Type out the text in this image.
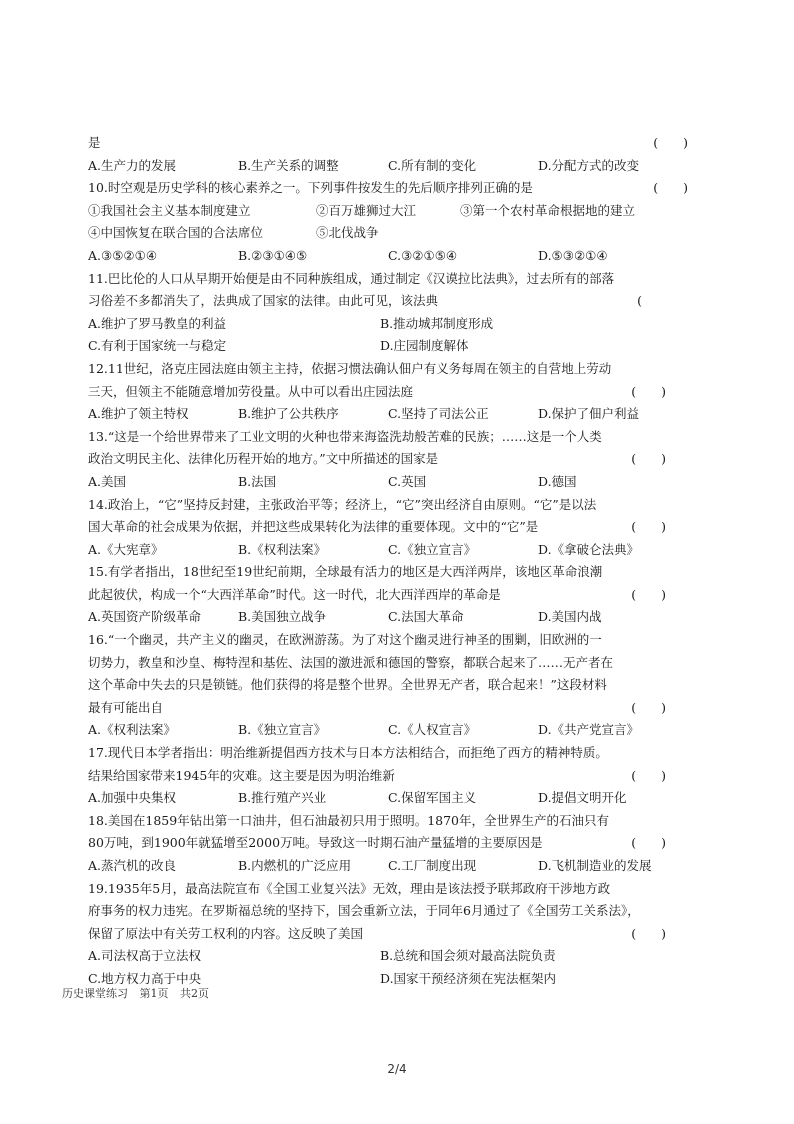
是	(　　)
A.生产力的发展	B.生产关系的调整	C.所有制的变化	D.分配方式的改变
10.时空观是历史学科的核心素养之一。下列事件按发生的先后顺序排列正确的是	(　　)
①我国社会主义基本制度建立	②百万雄狮过大江	③第一个农村革命根据地的建立
④中国恢复在联合国的合法席位	⑤北伐战争
A.③⑤②①④	B.②③①④⑤	C.③②①⑤④	D.⑤③②①④
11.巴比伦的人口从早期开始便是由不同种族组成，通过制定《汉谟拉比法典》，过去所有的部落
习俗差不多都消失了，法典成了国家的法律。由此可见，该法典	(
A.维护了罗马教皇的利益	B.推动城邦制度形成
C.有利于国家统一与稳定	D.庄园制度解体
12.11世纪，洛克庄园法庭由领主主持，依据习惯法确认佃户有义务每周在领主的自营地上劳动
三天，但领主不能随意增加劳役量。从中可以看出庄园法庭	(　　)
A.维护了领主特权	B.维护了公共秩序	C.坚持了司法公正	D.保护了佃户利益
13.“这是一个给世界带来了工业文明的火种也带来海盗洗劫般苦难的民族；……这是一个人类
政治文明民主化、法律化历程开始的地方。”文中所描述的国家是	(　　)
A.美国	B.法国	C.英国	D.德国
14.政治上，“它”坚持反封建，主张政治平等；经济上，“它”突出经济自由原则。“它”是以法
国大革命的社会成果为依据，并把这些成果转化为法律的重要体现。文中的“它”是	(　　)
A.《大宪章》	B.《权利法案》	C.《独立宣言》	D.《拿破仑法典》
15.有学者指出，18世纪至19世纪前期，全球最有活力的地区是大西洋两岸，该地区革命浪潮
此起彼伏，构成一个“大西洋革命”时代。这一时代，北大西洋西岸的革命是	(　　)
A.英国资产阶级革命	B.美国独立战争	C.法国大革命	D.美国内战
16.“一个幽灵，共产主义的幽灵，在欧洲游荡。为了对这个幽灵进行神圣的围剿，旧欧洲的一
切势力，教皇和沙皇、梅特涅和基佐、法国的激进派和德国的警察，都联合起来了……无产者在
这个革命中失去的只是锁链。他们获得的将是整个世界。全世界无产者，联合起来！”这段材料
最有可能出自	(　　)
A.《权利法案》	B.《独立宣言》	C.《人权宣言》	D.《共产党宣言》
17.现代日本学者指出：明治维新提倡西方技术与日本方法相结合，而拒绝了西方的精神特质。
结果给国家带来1945年的灾难。这主要是因为明治维新	(　　)
A.加强中央集权	B.推行殖产兴业	C.保留军国主义	D.提倡文明开化
18.美国在1859年钻出第一口油井，但石油最初只用于照明。1870年，全世界生产的石油只有
80万吨，到1900年就猛增至2000万吨。导致这一时期石油产量猛增的主要原因是	(　　)
A.蒸汽机的改良	B.内燃机的广泛应用	C.工厂制度出现	D.飞机制造业的发展
19.1935年5月，最高法院宣布《全国工业复兴法》无效，理由是该法授予联邦政府干涉地方政
府事务的权力违宪。在罗斯福总统的坚持下，国会重新立法，于同年6月通过了《全国劳工关系法》，
保留了原法中有关劳工权利的内容。这反映了美国	(　　)
A.司法权高于立法权	B.总统和国会须对最高法院负责
C.地方权力高于中央	D.国家干预经济须在宪法框架内
历史课堂练习 第1页 共2页
2/4
